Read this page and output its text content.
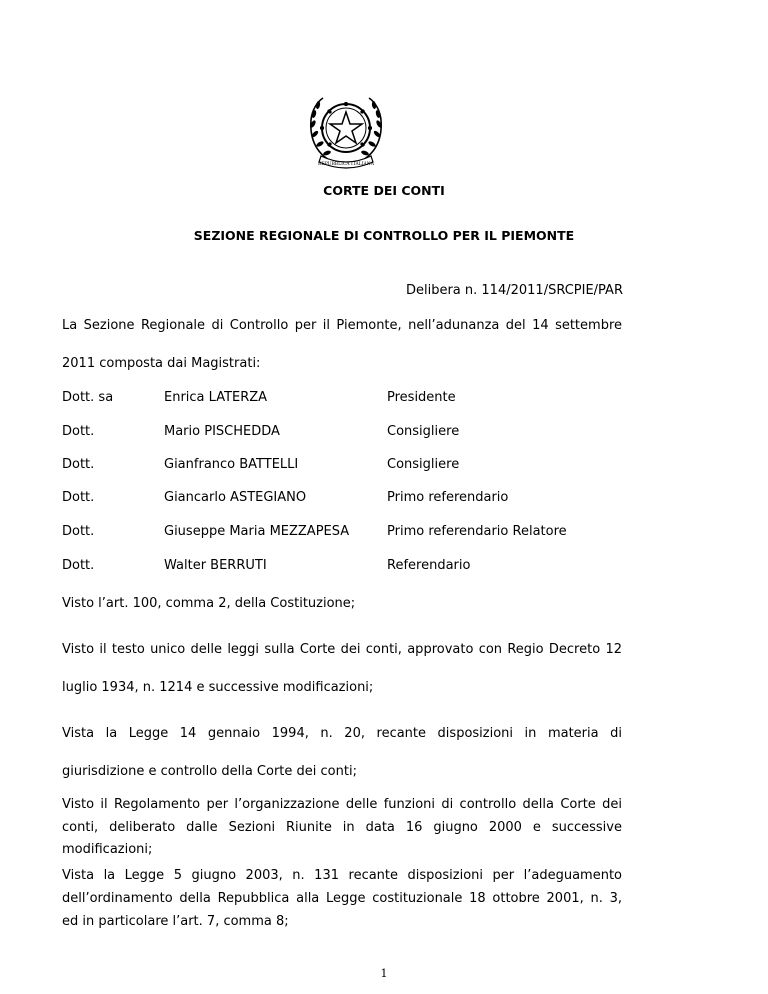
REPUBBLICA ITALIANA
CORTE DEI CONTI
SEZIONE REGIONALE DI CONTROLLO PER IL PIEMONTE
Delibera n. 114/2011/SRCPIE/PAR
La Sezione Regionale di Controllo per il Piemonte, nell’adunanza del 14 settembre
2011 composta dai Magistrati:
Dott. sa	Enrica LATERZA	Presidente
Dott.	Mario PISCHEDDA	Consigliere
Dott.	Gianfranco BATTELLI	Consigliere
Dott.	Giancarlo ASTEGIANO	Primo referendario
Dott.	Giuseppe Maria MEZZAPESA	Primo referendario Relatore
Dott.	Walter BERRUTI	Referendario
Visto l’art. 100, comma 2, della Costituzione;
Visto il testo unico delle leggi sulla Corte dei conti, approvato con Regio Decreto 12
luglio 1934, n. 1214 e successive modificazioni;
Vista la Legge 14 gennaio 1994, n. 20, recante disposizioni in materia di
giurisdizione e controllo della Corte dei conti;
Visto il Regolamento per l’organizzazione delle funzioni di controllo della Corte dei
conti, deliberato dalle Sezioni Riunite in data 16 giugno 2000 e successive
modificazioni;
1
Vista la Legge 5 giugno 2003, n. 131 recante disposizioni per l’adeguamento
dell’ordinamento della Repubblica alla Legge costituzionale 18 ottobre 2001, n. 3,
ed in particolare l’art. 7, comma 8;
